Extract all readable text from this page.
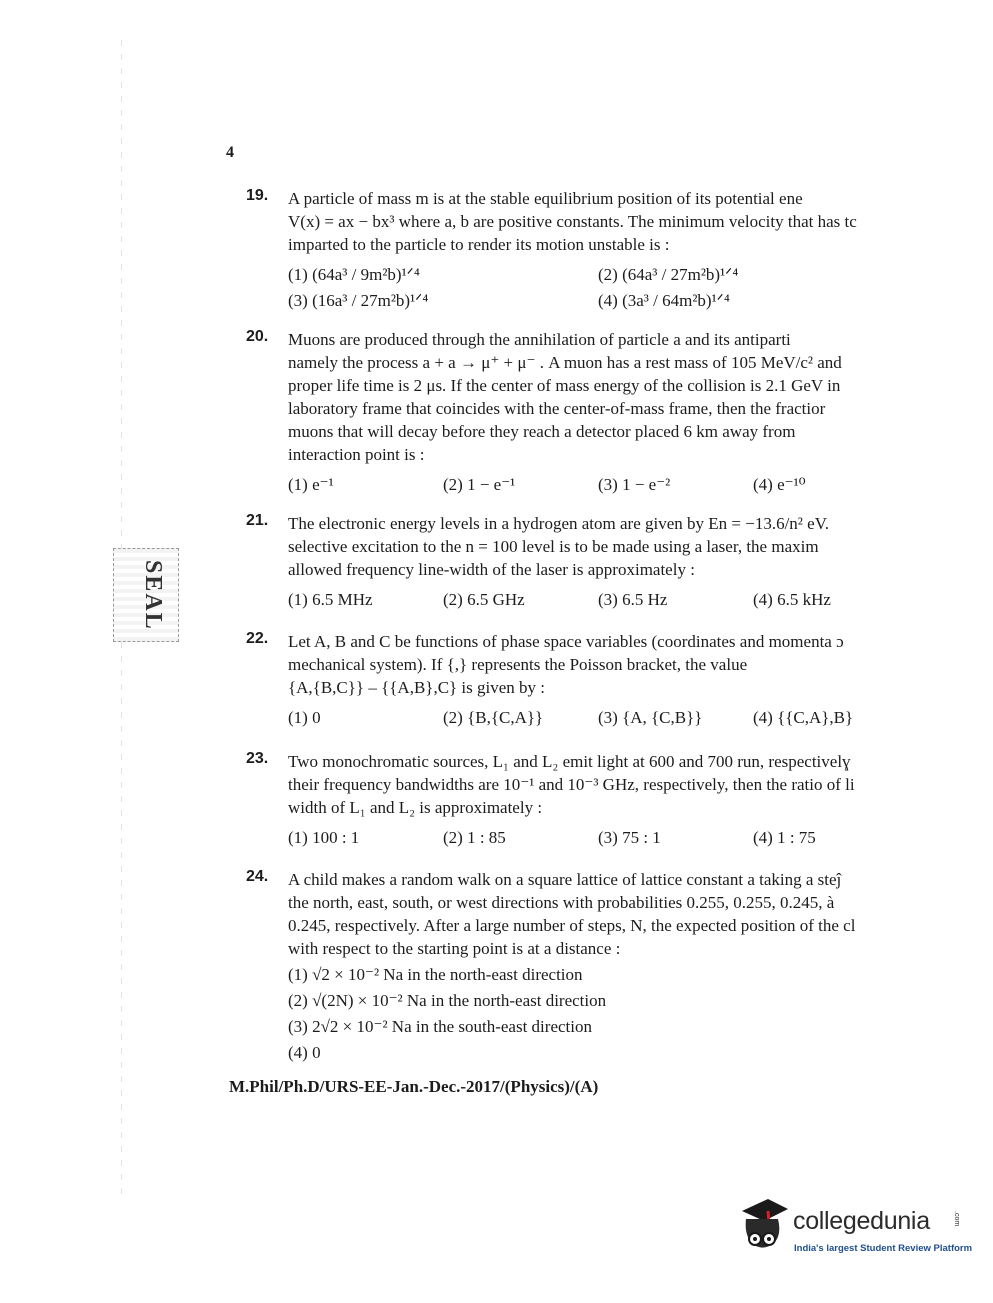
4
19. A particle of mass m is at the stable equilibrium position of its potential ene
V(x) = ax − bx³ where a, b are positive constants. The minimum velocity that has tc
imparted to the particle to render its motion unstable is :
(1) (64a³ / 9m²b)¹ᐟ⁴	(2) (64a³ / 27m²b)¹ᐟ⁴
(3) (16a³ / 27m²b)¹ᐟ⁴	(4) (3a³ / 64m²b)¹ᐟ⁴
20. Muons are produced through the annihilation of particle a and its antiparti
namely the process a + a → μ⁺ + μ⁻ . A muon has a rest mass of 105 MeV/c² and
proper life time is 2 μs. If the center of mass energy of the collision is 2.1 GeV in
laboratory frame that coincides with the center-of-mass frame, then the fractior
muons that will decay before they reach a detector placed 6 km away from
interaction point is :
(1) e⁻¹	(2) 1 − e⁻¹	(3) 1 − e⁻²	(4) e⁻¹⁰
21. The electronic energy levels in a hydrogen atom are given by En = −13.6/n² eV.
selective excitation to the n = 100 level is to be made using a laser, the maxim
allowed frequency line-width of the laser is approximately :
(1) 6.5 MHz	(2) 6.5 GHz	(3) 6.5 Hz	(4) 6.5 kHz
22. Let A, B and C be functions of phase space variables (coordinates and momenta ɔ
mechanical system). If {,} represents the Poisson bracket, the value
{A,{B,C}} – {{A,B},C} is given by :
(1) 0	(2) {B,{C,A}}	(3) {A, {C,B}}	(4) {{C,A},B}
23. Two monochromatic sources, L₁ and L₂ emit light at 600 and 700 run, respectivelɣ
their frequency bandwidths are 10⁻¹ and 10⁻³ GHz, respectively, then the ratio of li
width of L₁ and L₂ is approximately :
(1) 100 : 1	(2) 1 : 85	(3) 75 : 1	(4) 1 : 75
24. A child makes a random walk on a square lattice of lattice constant a taking a steĵ
the north, east, south, or west directions with probabilities 0.255, 0.255, 0.245, à
0.245, respectively. After a large number of steps, N, the expected position of the cl
with respect to the starting point is at a distance :
(1) √2 × 10⁻² Na in the north-east direction
(2) √(2N) × 10⁻² Na in the north-east direction
(3) 2√2 × 10⁻² Na in the south-east direction
(4) 0
M.Phil/Ph.D/URS-EE-Jan.-Dec.-2017/(Physics)/(A)
SEAL
collegedunia	.com
India's largest Student Review Platform
